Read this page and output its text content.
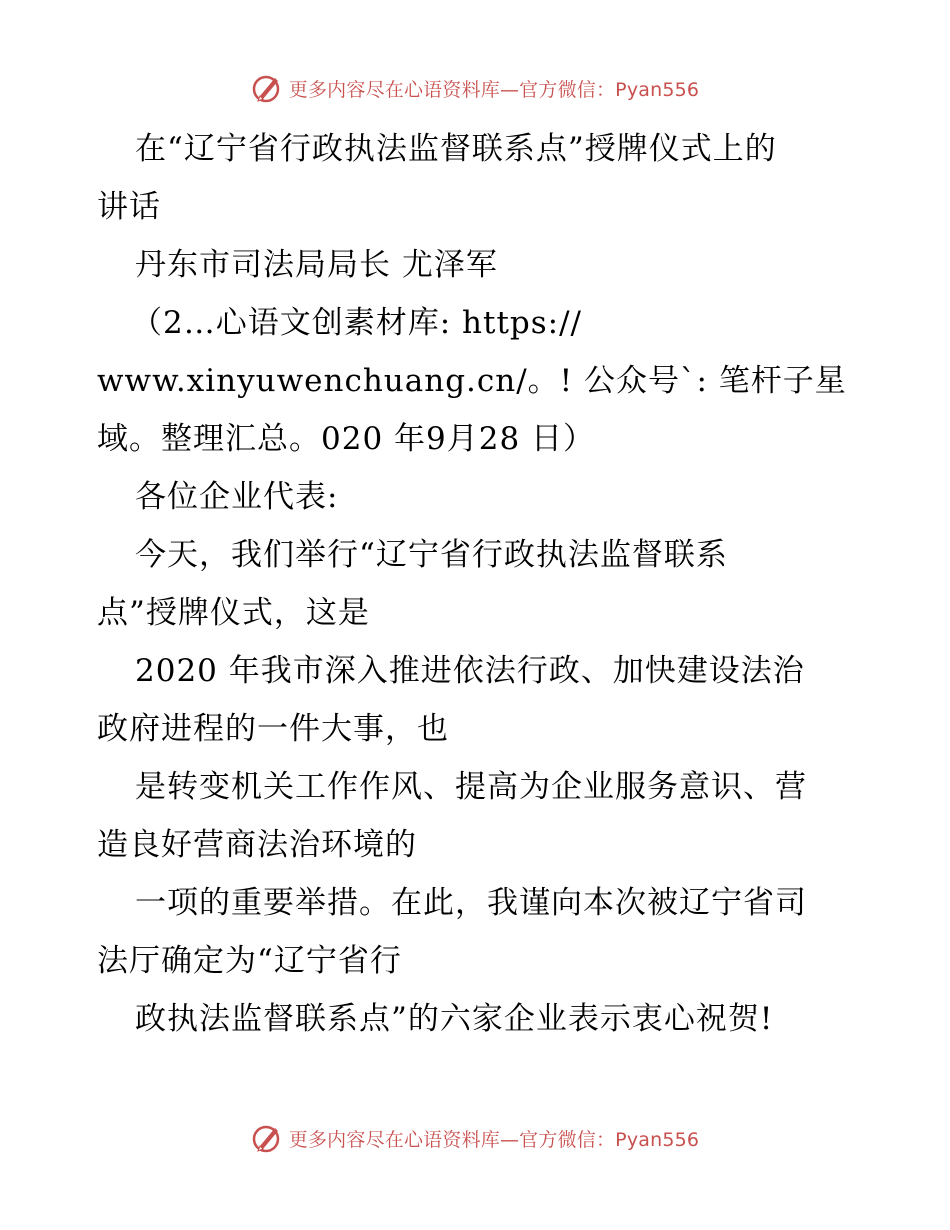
更多内容尽在心语资料库—官方微信：Pyan556
在“辽宁省行政执法监督联系点”授牌仪式上的
讲话
丹东市司法局局长 尤泽军
（2…心语文创素材库: https://
www.xinyuwenchuang.cn/。! 公众号`: 笔杆子星
域。整理汇总。020 年9月28 日）
各位企业代表:
今天，我们举行“辽宁省行政执法监督联系
点”授牌仪式，这是
2020 年我市深入推进依法行政、加快建设法治
政府进程的一件大事，也
是转变机关工作作风、提高为企业服务意识、营
造良好营商法治环境的
一项的重要举措。在此，我谨向本次被辽宁省司
法厅确定为“辽宁省行
政执法监督联系点”的六家企业表示衷心祝贺!
更多内容尽在心语资料库—官方微信：Pyan556
